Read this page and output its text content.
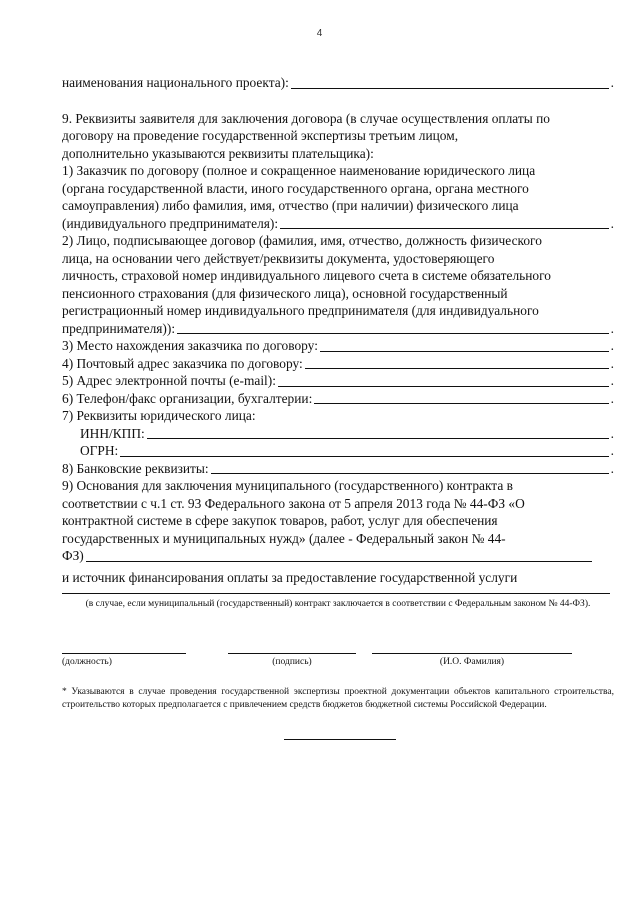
4
наименования национального проекта):	.
9. Реквизиты заявителя для заключения договора (в случае осуществления оплаты по
договору на проведение государственной экспертизы третьим лицом,
дополнительно указываются реквизиты плательщика):
1) Заказчик по договору (полное и сокращенное наименование юридического лица
(органа государственной власти, иного государственного органа, органа местного
самоуправления) либо фамилия, имя, отчество (при наличии) физического лица
(индивидуального предпринимателя):	.
2) Лицо, подписывающее договор (фамилия, имя, отчество, должность физического
лица, на основании чего действует/реквизиты документа, удостоверяющего
личность, страховой номер индивидуального лицевого счета в системе обязательного
пенсионного страхования (для физического лица), основной государственный
регистрационный номер индивидуального предпринимателя (для индивидуального
предпринимателя)):	.
3) Место нахождения заказчика по договору:	.
4) Почтовый адрес заказчика по договору:	.
5) Адрес электронной почты (e-mail):	.
6) Телефон/факс организации, бухгалтерии:	.
7) Реквизиты юридического лица:
ИНН/КПП:	.
ОГРН:	.
8) Банковские реквизиты:	.
9) Основания для заключения муниципального (государственного) контракта в
соответствии с ч.1 ст. 93 Федерального закона от 5 апреля 2013 года № 44-ФЗ «О
контрактной системе в сфере закупок товаров, работ, услуг для обеспечения
государственных и муниципальных нужд» (далее - Федеральный закон № 44-
ФЗ)
и источник финансирования оплаты за предоставление государственной услуги
(в случае, если муниципальный (государственный) контракт заключается в соответствии с Федеральным законом № 44-ФЗ).
(должность)	(подпись)	(И.О. Фамилия)
* Указываются в случае проведения государственной экспертизы проектной документации объектов капитального строительства, строительство которых предполагается с привлечением средств бюджетов бюджетной системы Российской Федерации.
